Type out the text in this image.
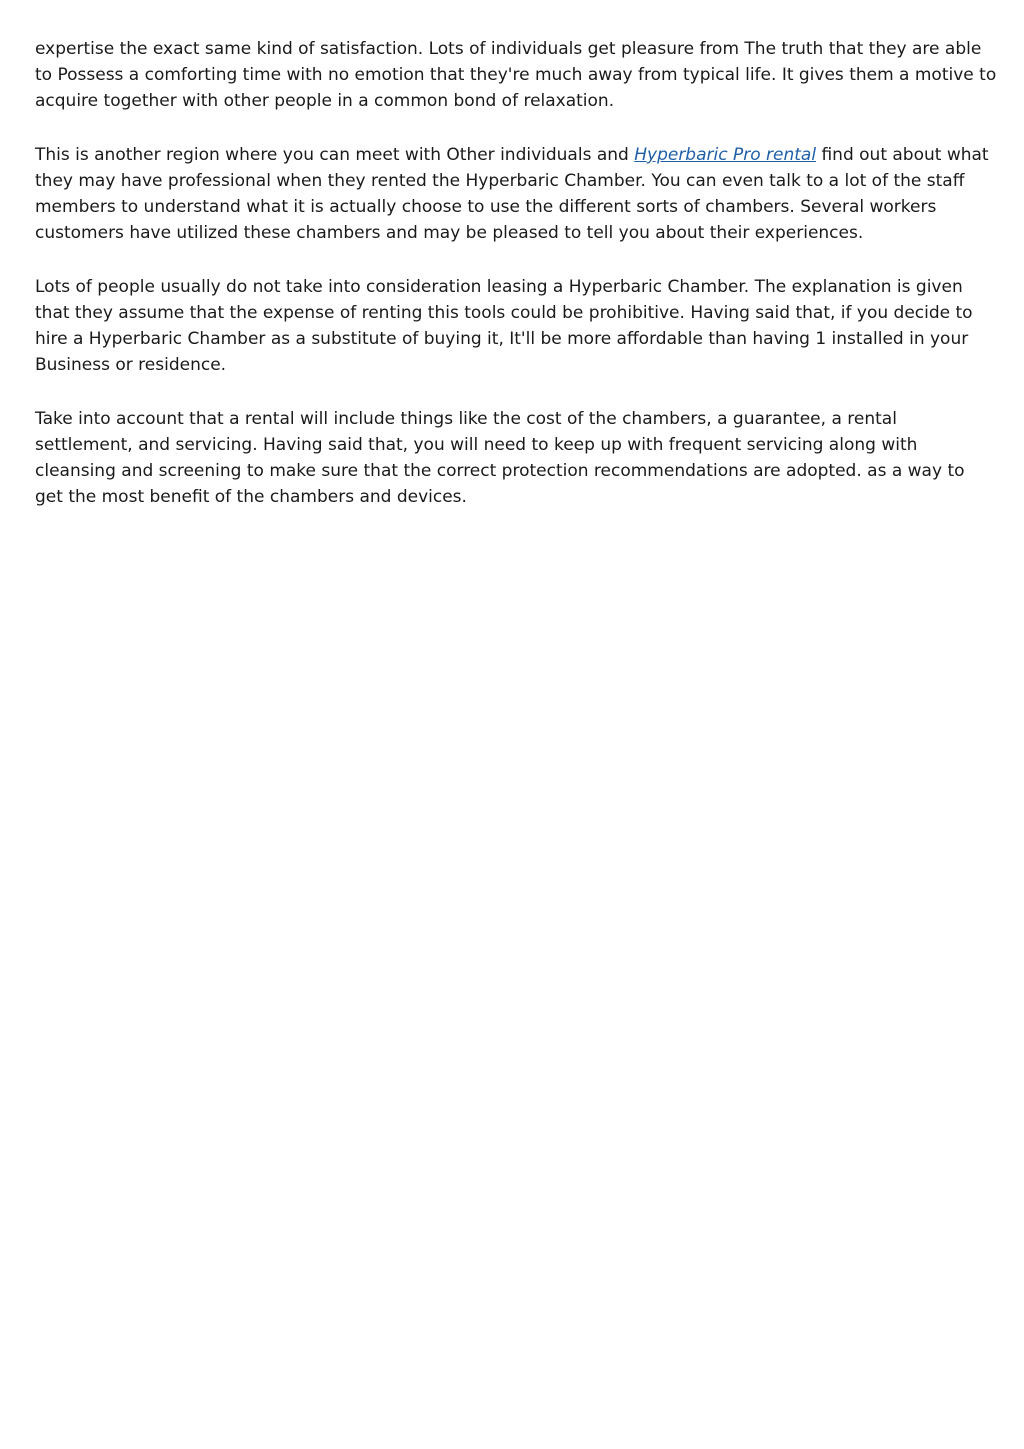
expertise the exact same kind of satisfaction. Lots of individuals get pleasure from The truth that they are able to Possess a comforting time with no emotion that they're much away from typical life. It gives them a motive to acquire together with other people in a common bond of relaxation.

This is another region where you can meet with Other individuals and Hyperbaric Pro rental find out about what they may have professional when they rented the Hyperbaric Chamber. You can even talk to a lot of the staff members to understand what it is actually choose to use the different sorts of chambers. Several workers customers have utilized these chambers and may be pleased to tell you about their experiences.

Lots of people usually do not take into consideration leasing a Hyperbaric Chamber. The explanation is given that they assume that the expense of renting this tools could be prohibitive. Having said that, if you decide to hire a Hyperbaric Chamber as a substitute of buying it, It'll be more affordable than having 1 installed in your Business or residence.

Take into account that a rental will include things like the cost of the chambers, a guarantee, a rental settlement, and servicing. Having said that, you will need to keep up with frequent servicing along with cleansing and screening to make sure that the correct protection recommendations are adopted. as a way to get the most benefit of the chambers and devices.
